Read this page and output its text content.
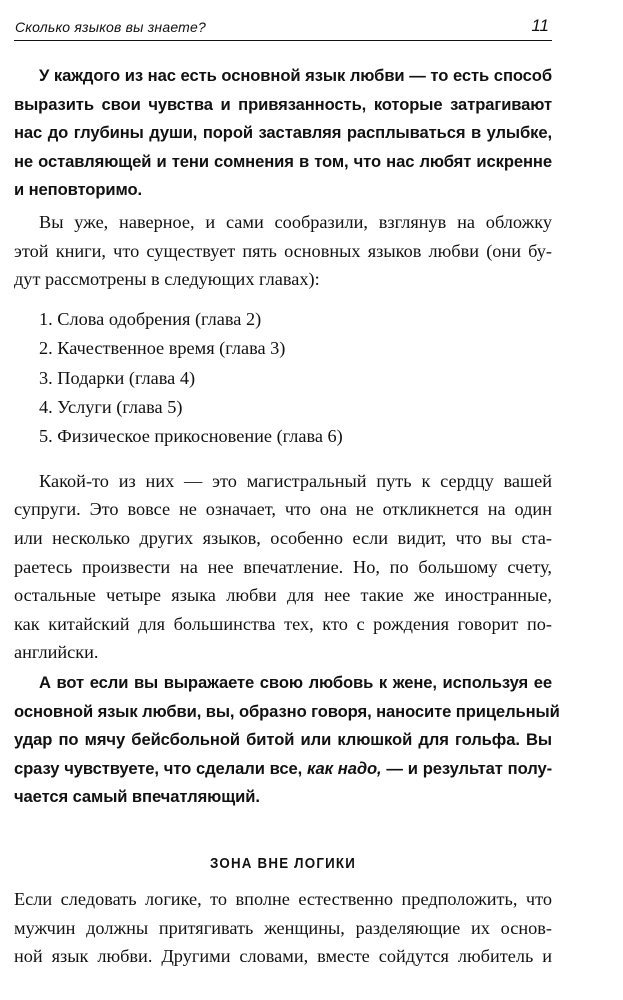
Сколько языков вы знаете?	11
У каждого из нас есть основной язык любви — то есть способ
выразить свои чувства и привязанность, которые затрагивают
нас до глубины души, порой заставляя расплываться в улыбке,
не оставляющей и тени сомнения в том, что нас любят искренне
и неповторимо.
Вы уже, наверное, и сами сообразили, взглянув на обложку
этой книги, что существует пять основных языков любви (они бу-
дут рассмотрены в следующих главах):
1. Слова одобрения (глава 2)
2. Качественное время (глава 3)
3. Подарки (глава 4)
4. Услуги (глава 5)
5. Физическое прикосновение (глава 6)
Какой-то из них — это магистральный путь к сердцу вашей
супруги. Это вовсе не означает, что она не откликнется на один
или несколько других языков, особенно если видит, что вы ста-
раетесь произвести на нее впечатление. Но, по большому счету,
остальные четыре языка любви для нее такие же иностранные,
как китайский для большинства тех, кто с рождения говорит по-
английски.
А вот если вы выражаете свою любовь к жене, используя ее
основной язык любви, вы, образно говоря, наносите прицельный
удар по мячу бейсбольной битой или клюшкой для гольфа. Вы
сразу чувствуете, что сделали все, как надо, — и результат полу-
чается самый впечатляющий.
ЗОНА ВНЕ ЛОГИКИ
Если следовать логике, то вполне естественно предположить, что
мужчин должны притягивать женщины, разделяющие их основ-
ной язык любви. Другими словами, вместе сойдутся любитель и
